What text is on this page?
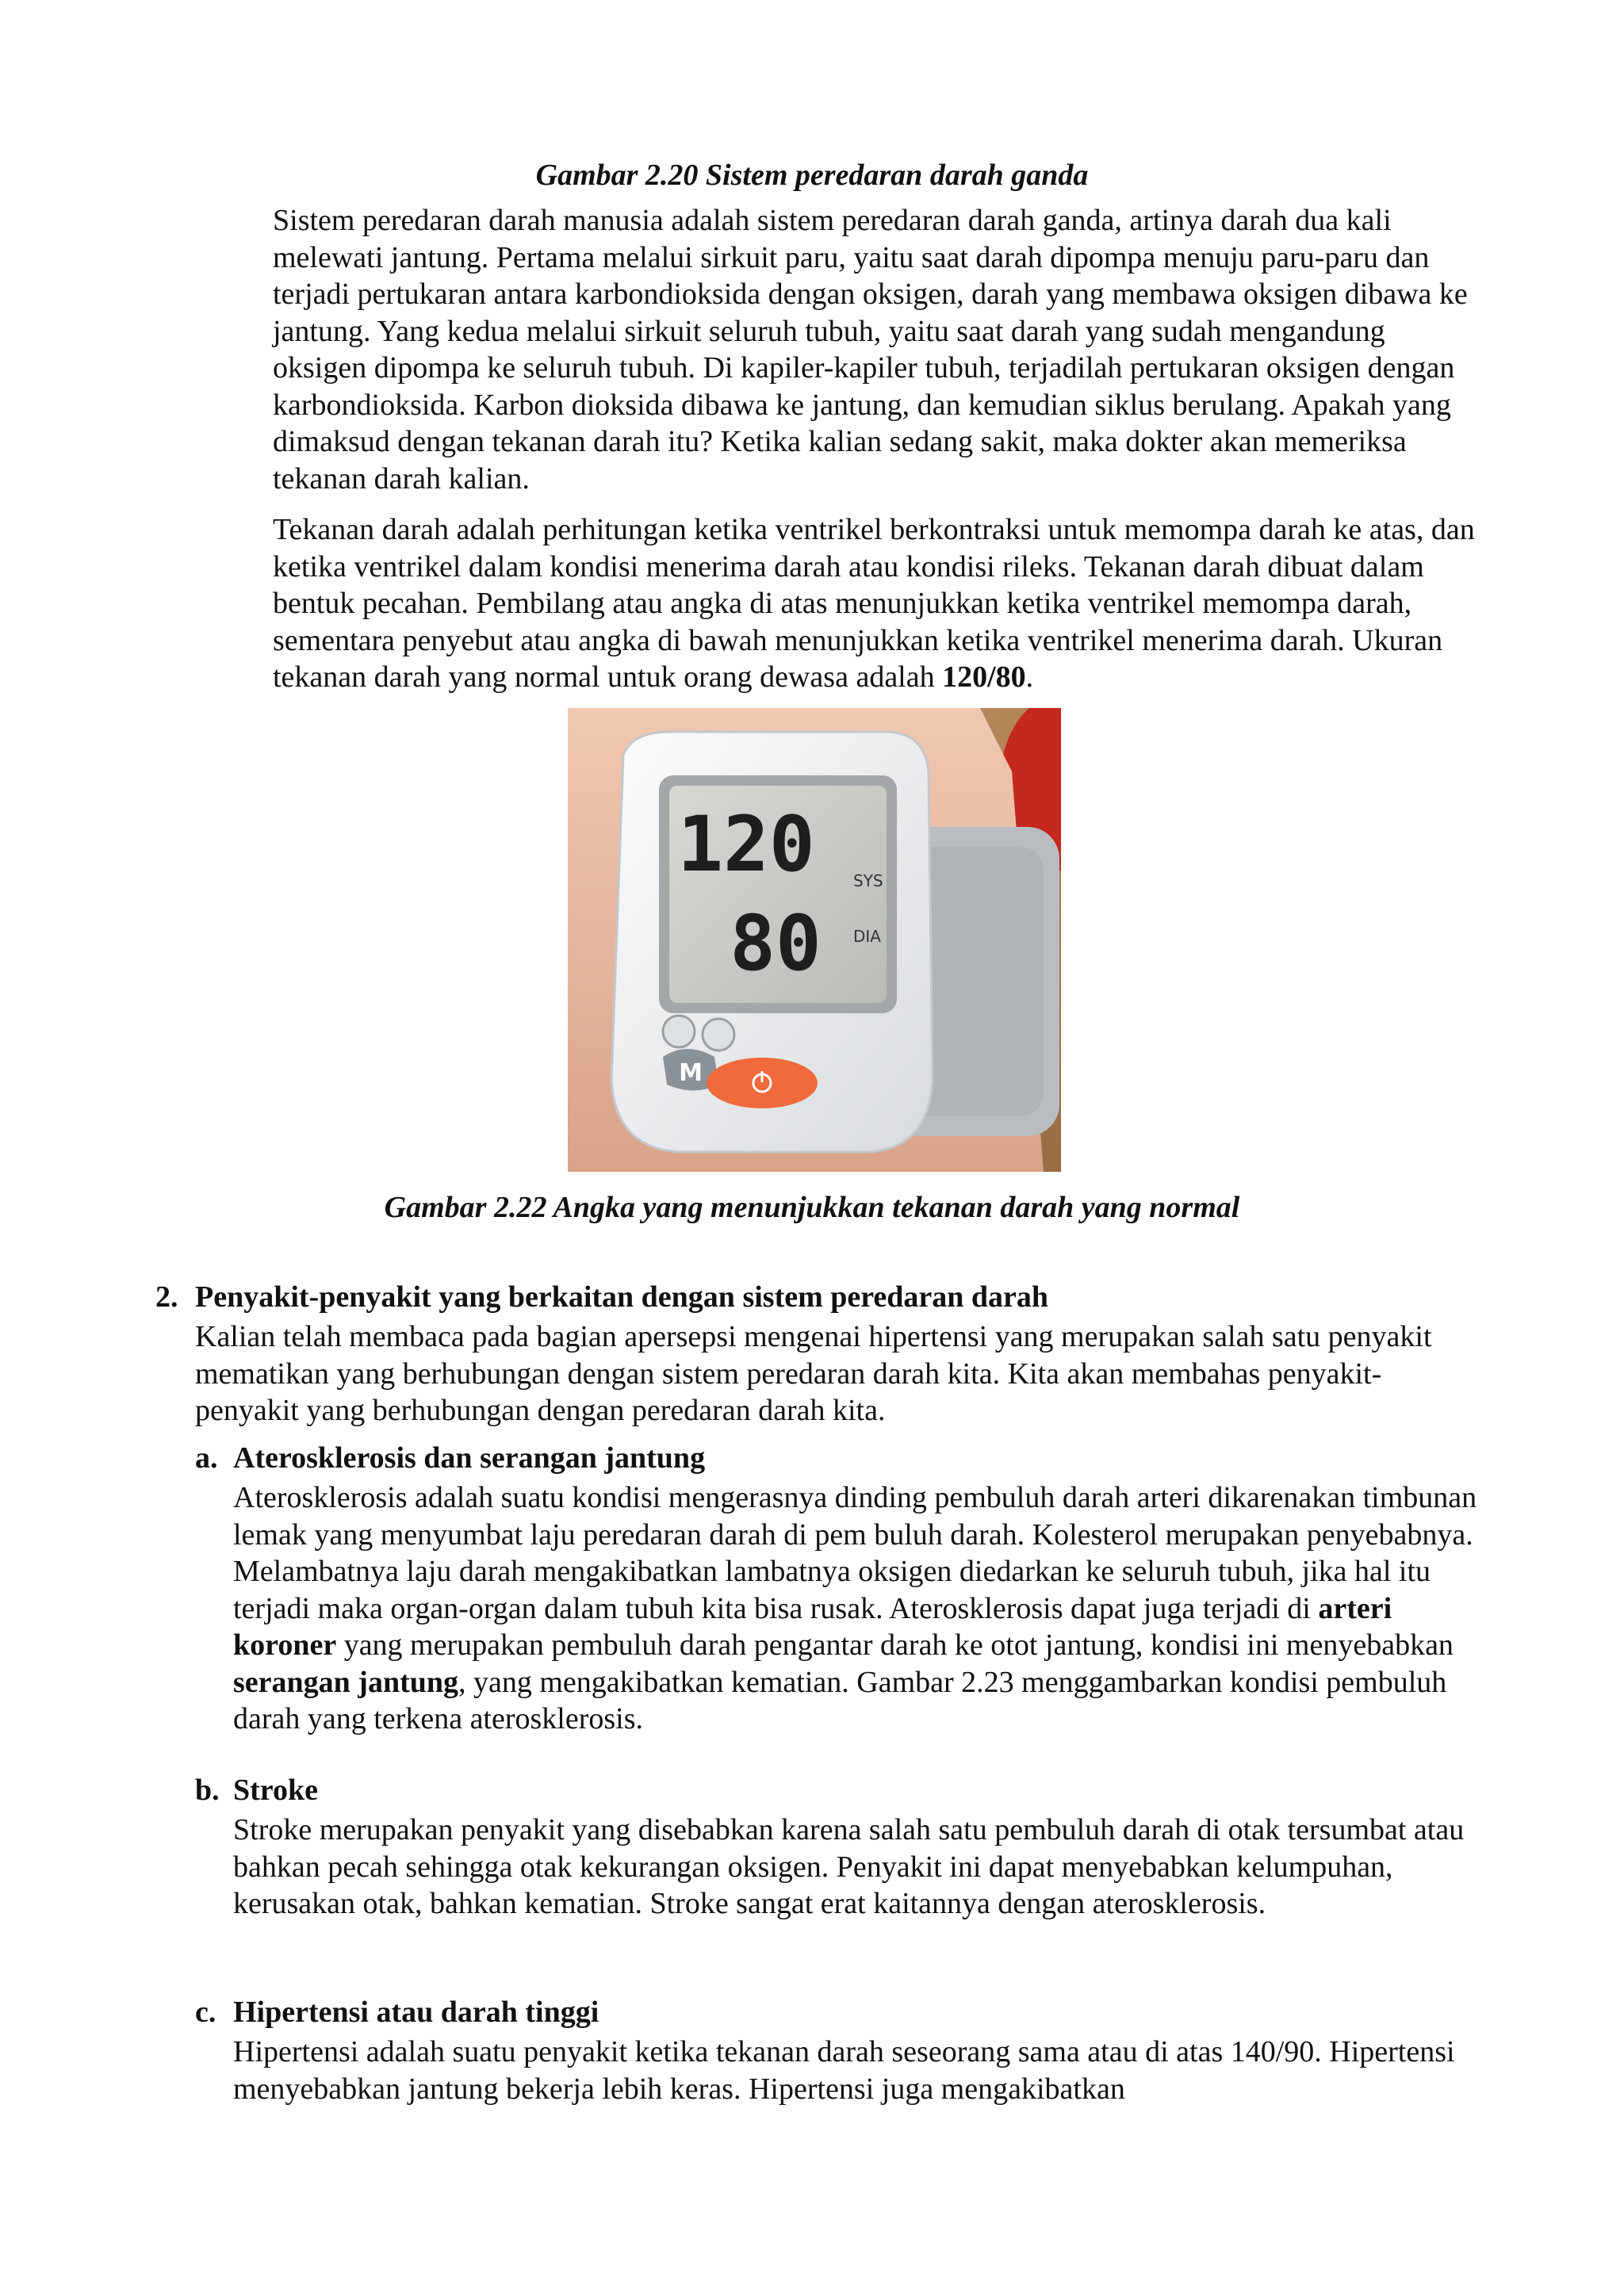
Gambar 2.20 Sistem peredaran darah ganda

Sistem peredaran darah manusia adalah sistem peredaran darah ganda, artinya darah dua kali melewati jantung. Pertama melalui sirkuit paru, yaitu saat darah dipompa menuju paru-paru dan terjadi pertukaran antara karbondioksida dengan oksigen, darah yang membawa oksigen dibawa ke jantung. Yang kedua melalui sirkuit seluruh tubuh, yaitu saat darah yang sudah mengandung oksigen dipompa ke seluruh tubuh. Di kapiler-kapiler tubuh, terjadilah pertukaran oksigen dengan karbondioksida. Karbon dioksida dibawa ke jantung, dan kemudian siklus berulang. Apakah yang dimaksud dengan tekanan darah itu? Ketika kalian sedang sakit, maka dokter akan memeriksa tekanan darah kalian.

Tekanan darah adalah perhitungan ketika ventrikel berkontraksi untuk memompa darah ke atas, dan ketika ventrikel dalam kondisi menerima darah atau kondisi rileks. Tekanan darah dibuat dalam bentuk pecahan. Pembilang atau angka di atas menunjukkan ketika ventrikel memompa darah, sementara penyebut atau angka di bawah menunjukkan ketika ventrikel menerima darah. Ukuran tekanan darah yang normal untuk orang dewasa adalah 120/80.

120
80
SYS
DIA
M
Gambar 2.22 Angka yang menunjukkan tekanan darah yang normal
2. Penyakit-penyakit yang berkaitan dengan sistem peredaran darah

Kalian telah membaca pada bagian apersepsi mengenai hipertensi yang merupakan salah satu penyakit mematikan yang berhubungan dengan sistem peredaran darah kita. Kita akan membahas penyakit-penyakit yang berhubungan dengan peredaran darah kita.

a. Aterosklerosis dan serangan jantung

Aterosklerosis adalah suatu kondisi mengerasnya dinding pembuluh darah arteri dikarenakan timbunan lemak yang menyumbat laju peredaran darah di pem buluh darah. Kolesterol merupakan penyebabnya. Melambatnya laju darah mengakibatkan lambatnya oksigen diedarkan ke seluruh tubuh, jika hal itu terjadi maka organ-organ dalam tubuh kita bisa rusak. Aterosklerosis dapat juga terjadi di arteri koroner yang merupakan pembuluh darah pengantar darah ke otot jantung, kondisi ini menyebabkan serangan jantung, yang mengakibatkan kematian. Gambar 2.23 menggambarkan kondisi pembuluh darah yang terkena aterosklerosis.

b. Stroke

Stroke merupakan penyakit yang disebabkan karena salah satu pembuluh darah di otak tersumbat atau bahkan pecah sehingga otak kekurangan oksigen. Penyakit ini dapat menyebabkan kelumpuhan, kerusakan otak, bahkan kematian. Stroke sangat erat kaitannya dengan aterosklerosis.

c. Hipertensi atau darah tinggi

Hipertensi adalah suatu penyakit ketika tekanan darah seseorang sama atau di atas 140/90. Hipertensi menyebabkan jantung bekerja lebih keras. Hipertensi juga mengakibatkan
